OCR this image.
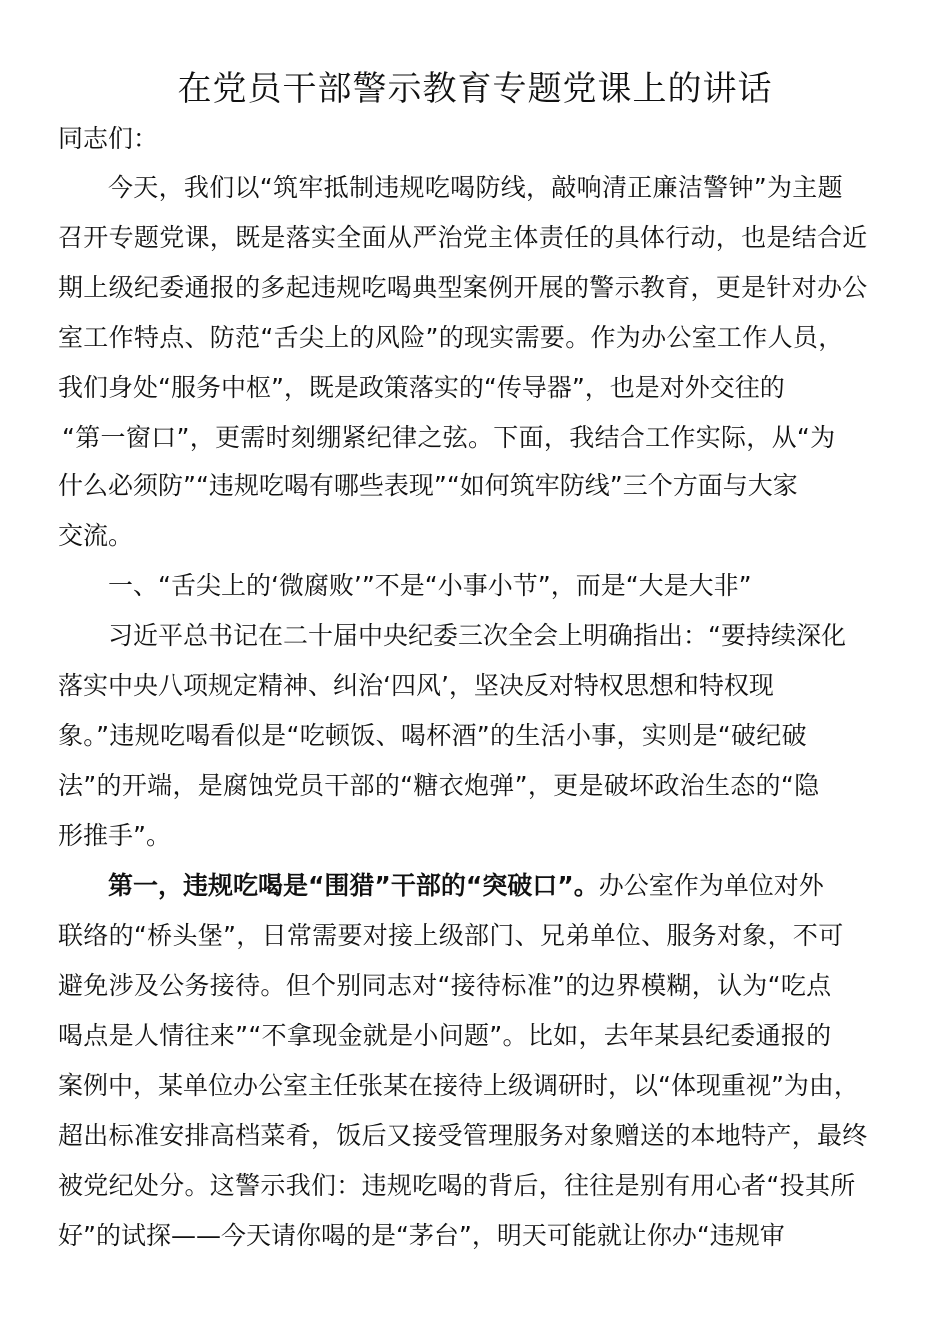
在党员干部警示教育专题党课上的讲话

同志们：

今天，我们以“筑牢抵制违规吃喝防线，敲响清正廉洁警钟”为主题

召开专题党课，既是落实全面从严治党主体责任的具体行动，也是结合近

期上级纪委通报的多起违规吃喝典型案例开展的警示教育，更是针对办公

室工作特点、防范“舌尖上的风险”的现实需要。作为办公室工作人员，

我们身处“服务中枢”，既是政策落实的“传导器”，也是对外交往的

“第一窗口”，更需时刻绷紧纪律之弦。下面，我结合工作实际，从“为

什么必须防”“违规吃喝有哪些表现”“如何筑牢防线”三个方面与大家

交流。

一、“舌尖上的‘微腐败’”不是“小事小节”，而是“大是大非”

习近平总书记在二十届中央纪委三次全会上明确指出：“要持续深化

落实中央八项规定精神、纠治‘四风’，坚决反对特权思想和特权现

象。”违规吃喝看似是“吃顿饭、喝杯酒”的生活小事，实则是“破纪破

法”的开端，是腐蚀党员干部的“糖衣炮弹”，更是破坏政治生态的“隐

形推手”。

第一，违规吃喝是“围猎”干部的“突破口”。办公室作为单位对外

联络的“桥头堡”，日常需要对接上级部门、兄弟单位、服务对象，不可

避免涉及公务接待。但个别同志对“接待标准”的边界模糊，认为“吃点

喝点是人情往来”“不拿现金就是小问题”。比如，去年某县纪委通报的

案例中，某单位办公室主任张某在接待上级调研时，以“体现重视”为由，

超出标准安排高档菜肴，饭后又接受管理服务对象赠送的本地特产，最终

被党纪处分。这警示我们：违规吃喝的背后，往往是别有用心者“投其所

好”的试探——今天请你喝的是“茅台”，明天可能就让你办“违规审
